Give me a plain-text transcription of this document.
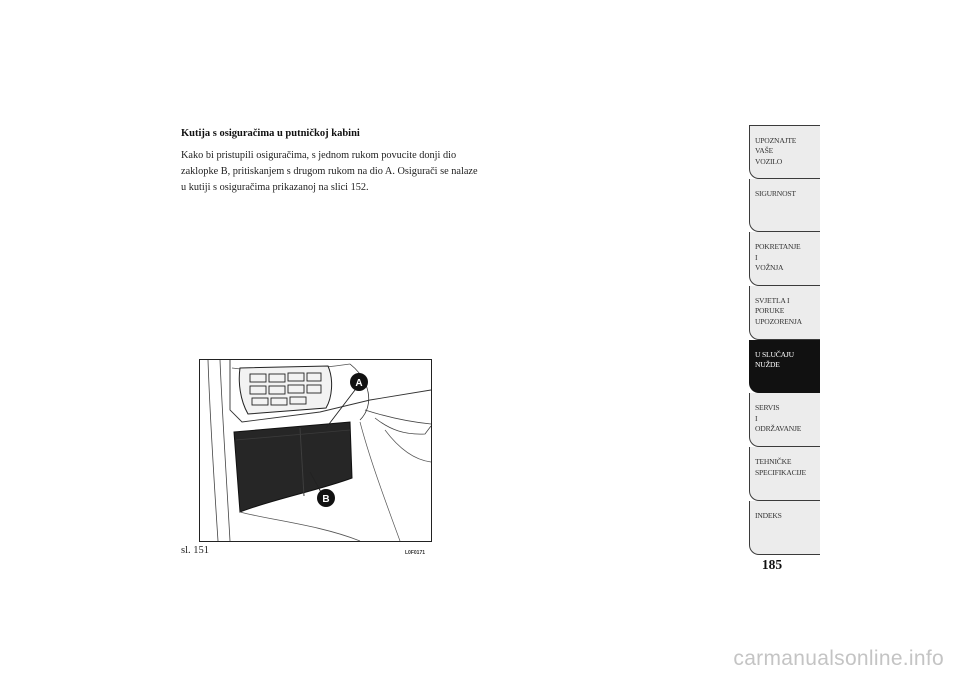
Kutija s osiguračima u putničkoj kabini
Kako bi pristupili osiguračima, s jednom rukom povucite donji dio zaklopke B, pritiskanjem s drugom rukom na dio A. Osigurači se nalaze u kutiji s osiguračima prikazanoj na slici 152.
A
B
sl. 151	L0F0171
UPOZNAJTE
VAŠE
VOZILO
SIGURNOST
POKRETANJE
I
VOŽNJA
SVJETLA I
PORUKE
UPOZORENJA
U SLUČAJU
NUŽDE
SERVIS
I
ODRŽAVANJE
TEHNIČKE
SPECIFIKACIJE
INDEKS
185
carmanualsonline.info
